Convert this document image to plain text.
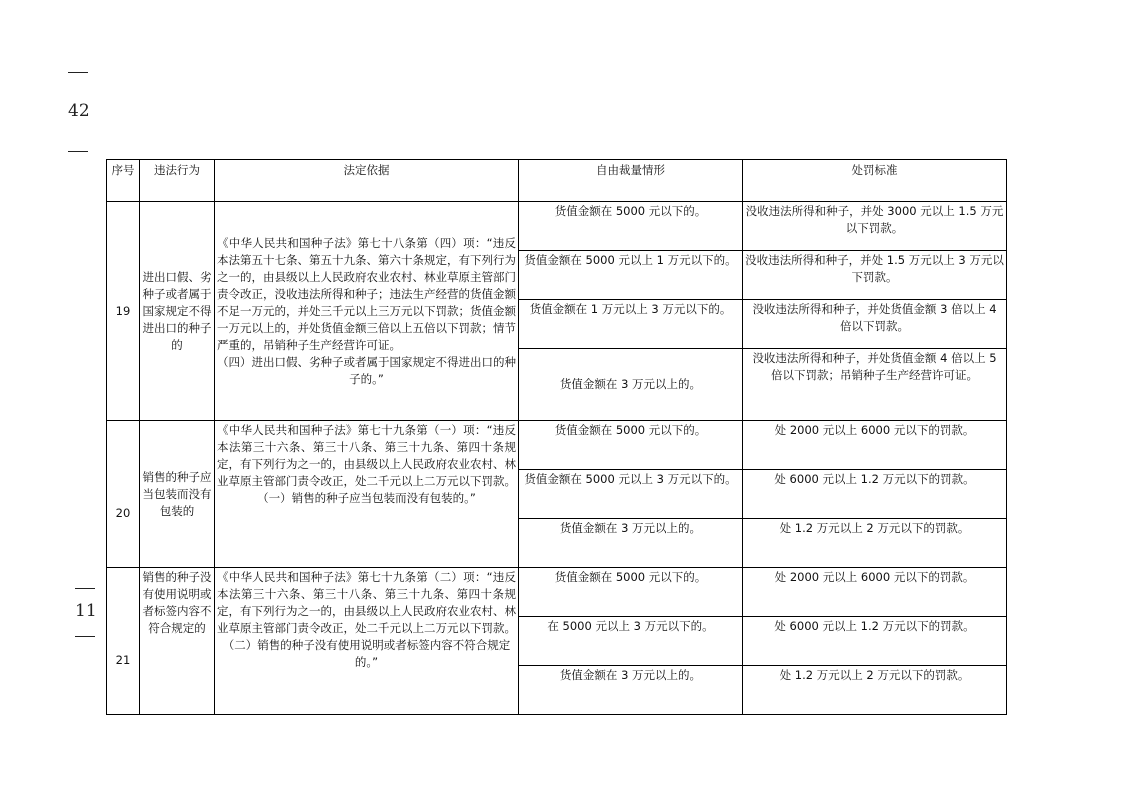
42
11
序号	违法行为	法定依据	自由裁量情形	处罚标准
19	进出口假、劣种子或者属于国家规定不得进出口的种子的	《中华人民共和国种子法》第七十八条第（四）项：“违反本法第五十七条、第五十九条、第六十条规定，有下列行为之一的，由县级以上人民政府农业农村、林业草原主管部门责令改正，没收违法所得和种子；违法生产经营的货值金额不足一万元的，并处三千元以上三万元以下罚款；货值金额一万元以上的，并处货值金额三倍以上五倍以下罚款；情节严重的，吊销种子生产经营许可证。

（四）进出口假、劣种子或者属于国家规定不得进出口的种子的。”	货值金额在 5000 元以下的。	没收违法所得和种子，并处 3000 元以上 1.5 万元以下罚款。
			货值金额在 5000 元以上 1 万元以下的。	没收违法所得和种子，并处 1.5 万元以上 3 万元以下罚款。
			货值金额在 1 万元以上 3 万元以下的。	没收违法所得和种子，并处货值金额 3 倍以上 4 倍以下罚款。
			货值金额在 3 万元以上的。	没收违法所得和种子，并处货值金额 4 倍以上 5 倍以下罚款；吊销种子生产经营许可证。
20	销售的种子应当包装而没有包装的	《中华人民共和国种子法》第七十九条第（一）项：“违反本法第三十六条、第三十八条、第三十九条、第四十条规定，有下列行为之一的，由县级以上人民政府农业农村、林业草原主管部门责令改正，处二千元以上二万元以下罚款。

（一）销售的种子应当包装而没有包装的。”	货值金额在 5000 元以下的。	处 2000 元以上 6000 元以下的罚款。
			货值金额在 5000 元以上 3 万元以下的。	处 6000 元以上 1.2 万元以下的罚款。
			货值金额在 3 万元以上的。	处 1.2 万元以上 2 万元以下的罚款。
21	销售的种子没有使用说明或者标签内容不符合规定的	《中华人民共和国种子法》第七十九条第（二）项：“违反本法第三十六条、第三十八条、第三十九条、第四十条规定，有下列行为之一的，由县级以上人民政府农业农村、林业草原主管部门责令改正，处二千元以上二万元以下罚款。

（二）销售的种子没有使用说明或者标签内容不符合规定的。”	货值金额在 5000 元以下的。	处 2000 元以上 6000 元以下的罚款。
			在 5000 元以上 3 万元以下的。	处 6000 元以上 1.2 万元以下的罚款。
			货值金额在 3 万元以上的。	处 1.2 万元以上 2 万元以下的罚款。
